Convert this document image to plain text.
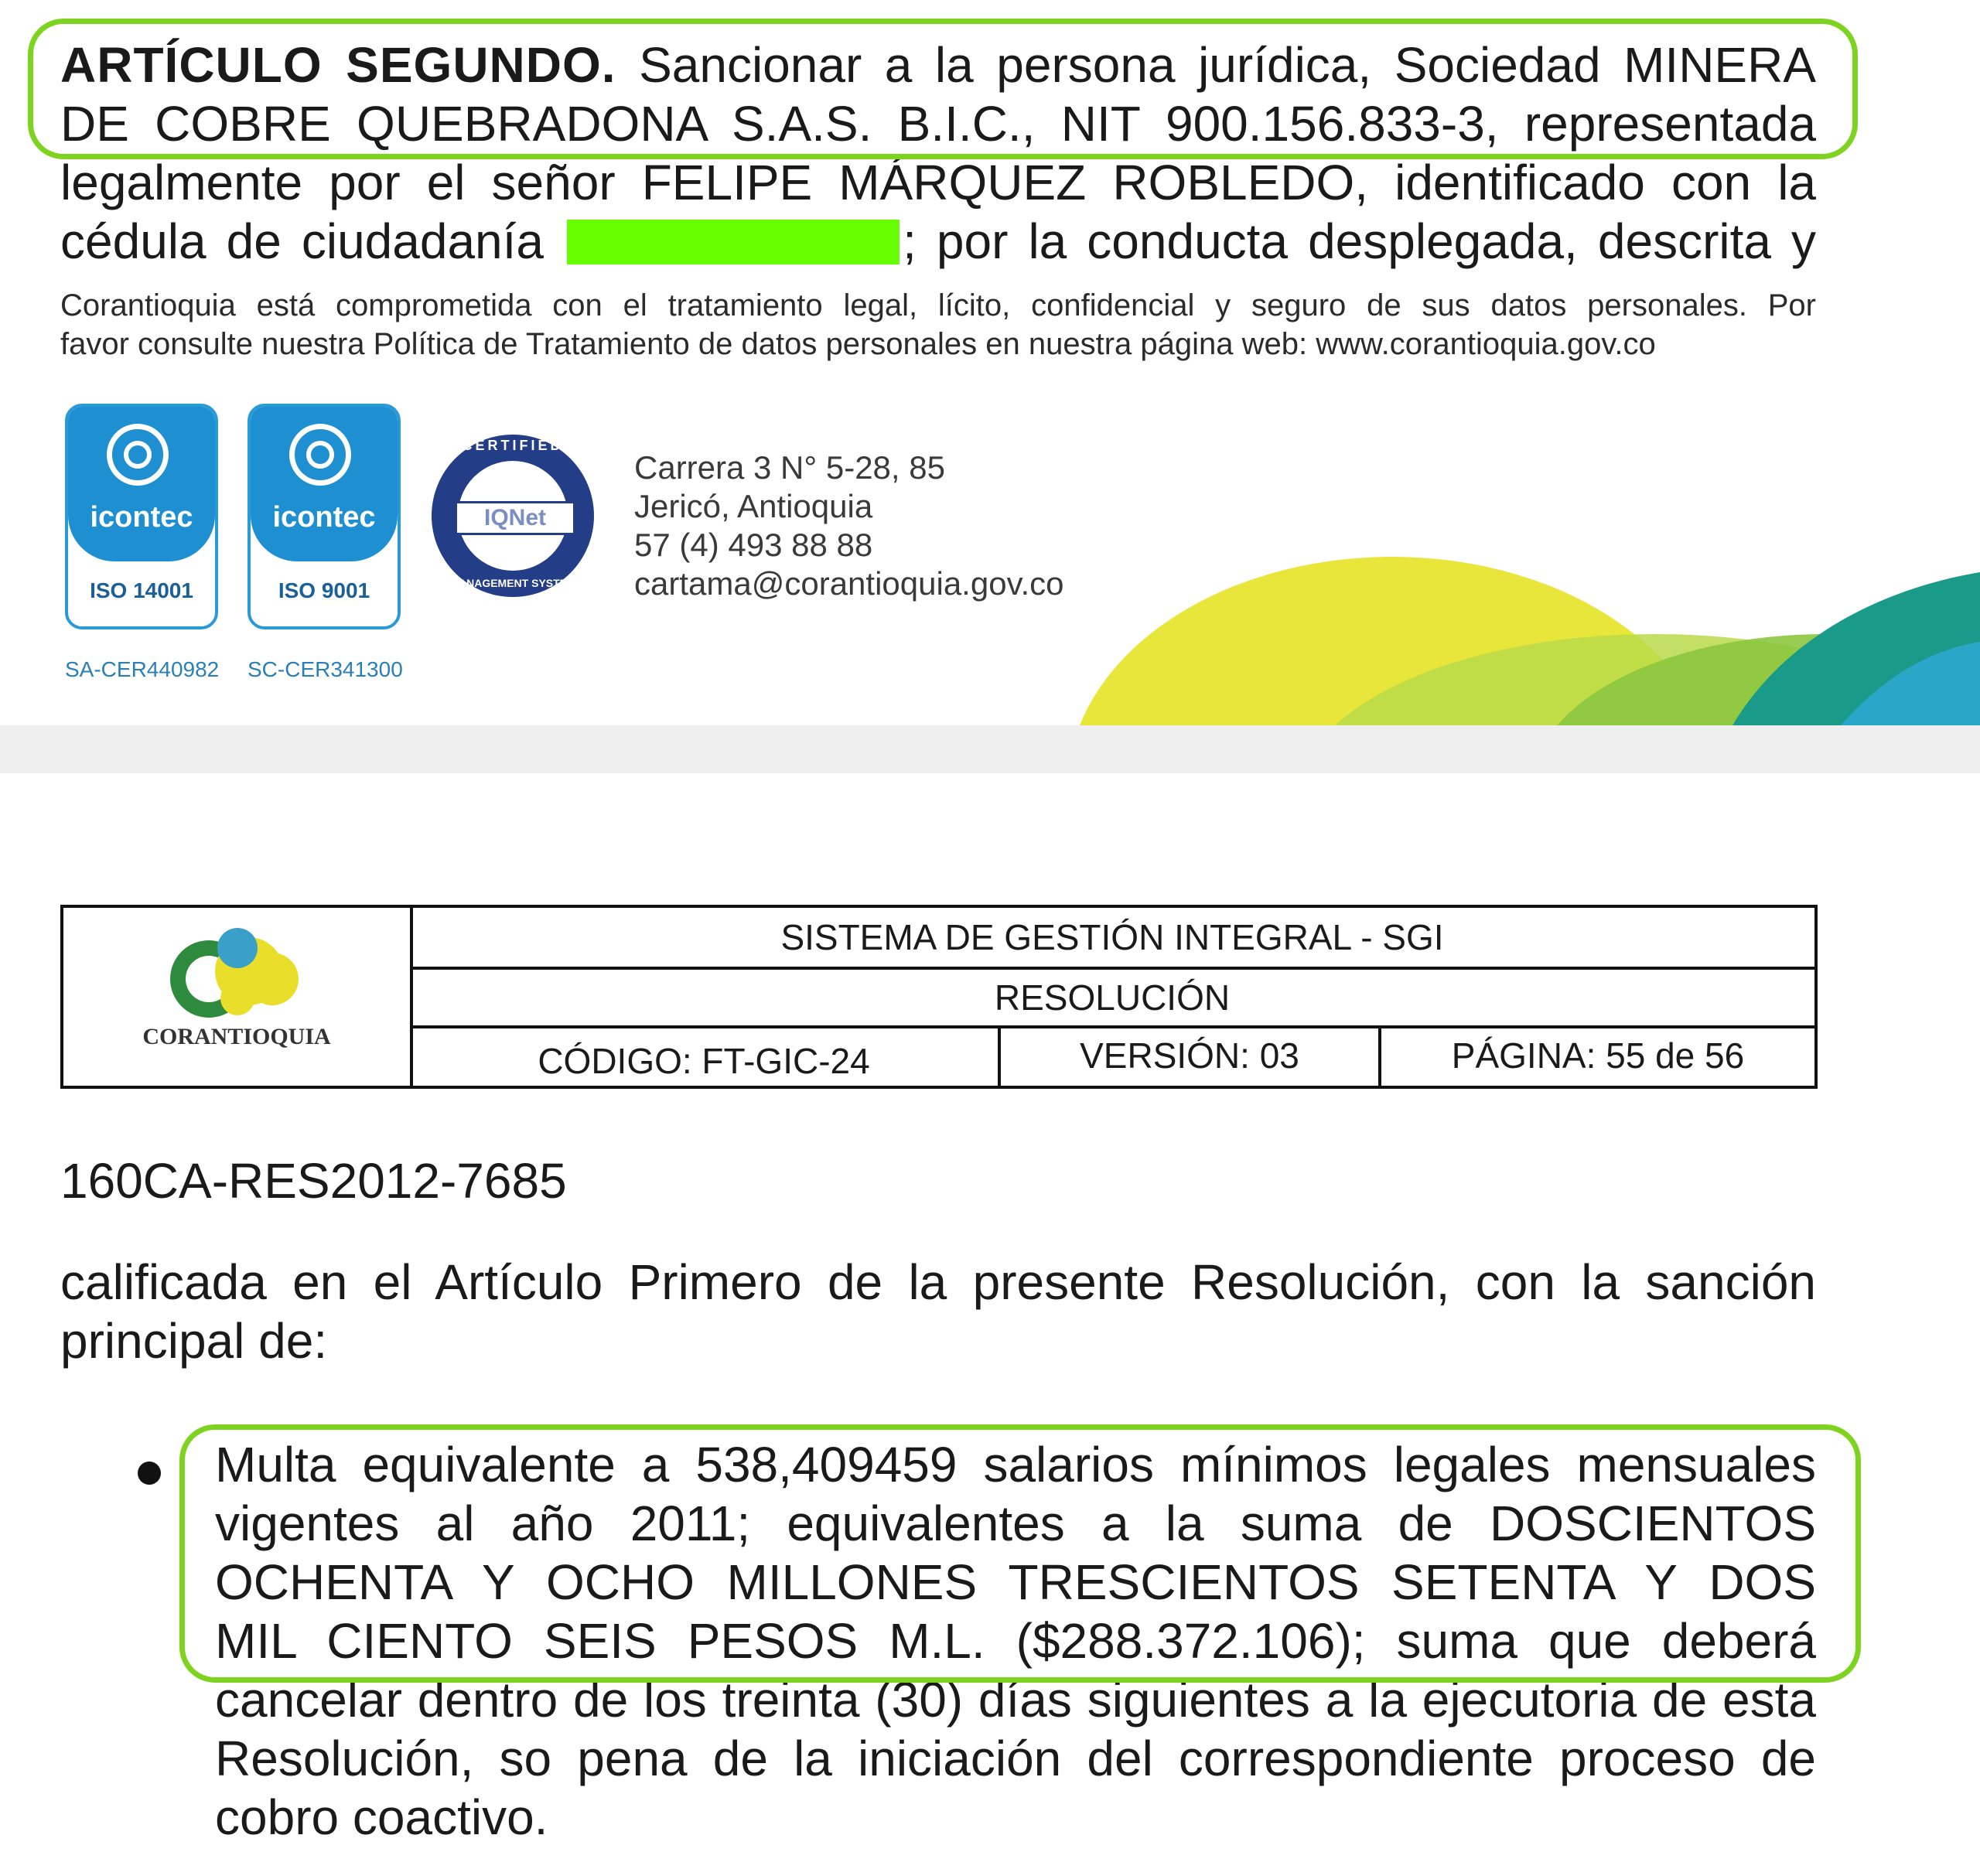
ARTÍCULO SEGUNDO. Sancionar a la persona jurídica, Sociedad MINERA
DE COBRE QUEBRADONA S.A.S. B.I.C., NIT 900.156.833-3, representada
legalmente por el señor FELIPE MÁRQUEZ ROBLEDO, identificado con la
cédula de ciudadanía	; por la conducta desplegada, descrita y
Corantioquia está comprometida con el tratamiento legal, lícito, confidencial y seguro de sus datos personales. Por
favor consulte nuestra Política de Tratamiento de datos personales en nuestra página web: www.corantioquia.gov.co
icontec
ISO 14001
SA-CER440982
icontec
ISO 9001
SC-CER341300
CERTIFIED
IQNet
MANAGEMENT SYSTEM
Carrera 3 N° 5-28, 85
Jericó, Antioquia
57 (4) 493 88 88
cartama@corantioquia.gov.co
CORANTIOQUIA
SISTEMA DE GESTIÓN INTEGRAL - SGI
RESOLUCIÓN
CÓDIGO: FT-GIC-24	VERSIÓN: 03	PÁGINA: 55 de 56
160CA-RES2012-7685
calificada en el Artículo Primero de la presente Resolución, con la sanción
principal de:
Multa equivalente a 538,409459 salarios mínimos legales mensuales
vigentes al año 2011; equivalentes a la suma de DOSCIENTOS
OCHENTA Y OCHO MILLONES TRESCIENTOS SETENTA Y DOS
MIL CIENTO SEIS PESOS M.L. ($288.372.106); suma que deberá
cancelar dentro de los treinta (30) días siguientes a la ejecutoria de esta
Resolución, so pena de la iniciación del correspondiente proceso de
cobro coactivo.
